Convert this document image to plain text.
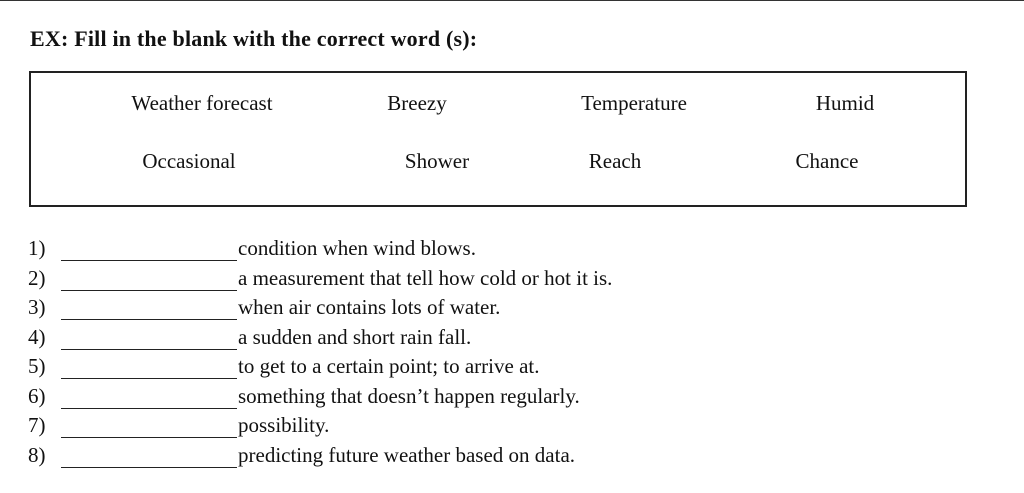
EX: Fill in the blank with the correct word (s):
Weather forecast	Breezy	Temperature	Humid
Occasional	Shower	Reach	Chance
1)	condition when wind blows.
2)	a measurement that tell how cold or hot it is.
3)	when air contains lots of water.
4)	a sudden and short rain fall.
5)	to get to a certain point; to arrive at.
6)	something that doesn’t happen regularly.
7)	possibility.
8)	predicting future weather based on data.
